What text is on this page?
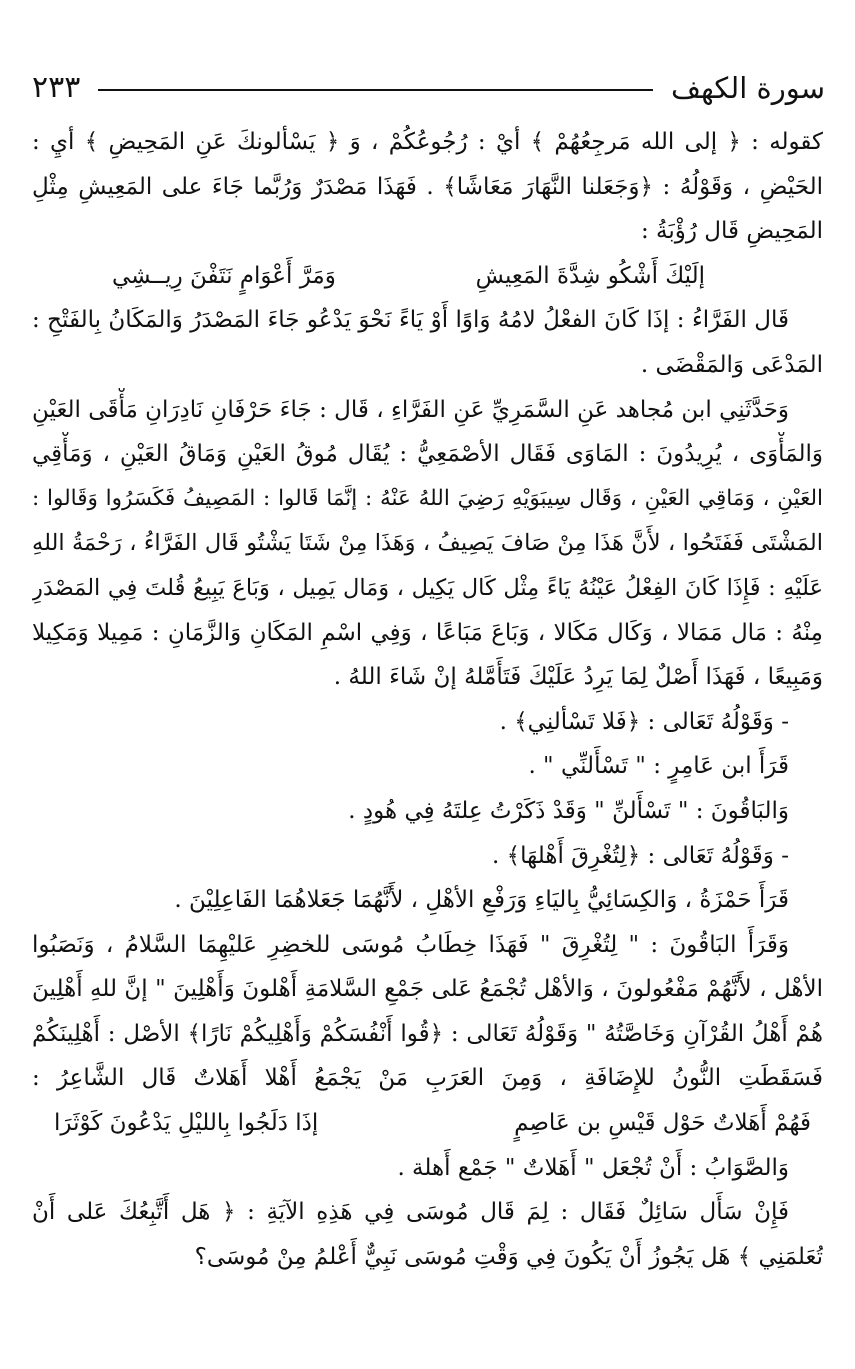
٢٣٣	سورة الكهف
كقوله : ﴿ إلى الله مَرجِعُهُمْ ﴾ أيْ : رُجُوعُكُمْ ، وَ ﴿ يَسْألونكَ عَنِ المَحِيضِ ﴾ أيِ :
الحَيْضِ ، وَقَوْلُهُ : ﴿وَجَعَلنا النَّهَارَ مَعَاشًا﴾ . فَهَذَا مَصْدَرٌ وَرُبَّما جَاءَ على المَعِيشِ مِثْلِ
المَحِيضِ قَال رُؤْبَةُ :
إلَيْكَ أَشْكُو شِدَّةَ المَعِيشِ
وَمَرَّ أَعْوَامٍ نَتَفْنَ رِيــشِي
قَال الفَرَّاءُ : إذَا كَانَ الفعْلُ لامُهُ وَاوًا أَوْ يَاءً نَحْوَ يَدْعُو جَاءَ المَصْدَرُ وَالمَكَانُ بِالفَتْحِ :
المَدْعَى وَالمَقْضَى .
وَحَدَّثَنِي ابن مُجاهد عَنِ السَّمَرِيِّ عَنِ الفَرَّاءِ ، قَال : جَاءَ حَرْفَانِ نَادِرَانِ مَأْقَى العَيْنِ
وَالمَأْوَى ، يُرِيدُونَ : المَاوَى فَقَال الأصْمَعِيُّ : يُقَال مُوقُ العَيْنِ وَمَاقُ العَيْنِ ، وَمَأْقِي
العَيْنِ ، وَمَاقِي العَيْنِ ، وَقَال سِيبَوَيْهِ رَضِيَ اللهُ عَنْهُ : إنَّمَا قَالوا : المَصِيفُ فَكَسَرُوا وَقَالوا :
المَشْتَى فَفَتَحُوا ، لأَنَّ هَذَا مِنْ صَافَ يَصِيفُ ، وَهَذَا مِنْ شَتَا يَشْتُو قَال الفَرَّاءُ ، رَحْمَةُ اللهِ
عَلَيْهِ : فَإِذَا كَانَ الفِعْلُ عَيْنُهُ يَاءً مِثْل كَال يَكِيل ، وَمَال يَمِيل ، وَبَاعَ يَبِيعُ قُلتَ فِي المَصْدَرِ
مِنْهُ : مَال مَمَالا ، وَكَال مَكَالا ، وَبَاعَ مَبَاعًا ، وَفِي اسْمِ المَكَانِ وَالزَّمَانِ : مَمِيلا وَمَكِيلا
وَمَبِيعًا ، فَهَذَا أَصْلٌ لِمَا يَرِدُ عَلَيْكَ فَتَأَمَّلهُ إنْ شَاءَ اللهُ .
- وَقَوْلُهُ تَعَالى : ﴿فَلا تَسْألنِي﴾ .
قَرَأَ ابن عَامِرٍ : " تَسْأَلنِّي " .
وَالبَاقُونَ : " تَسْأَلنِّ " وَقَدْ ذَكَرْتُ عِلتَهُ فِي هُودٍ .
- وَقَوْلُهُ تَعَالى : ﴿لِتُغْرِقَ أَهْلهَا﴾ .
قَرَأَ حَمْزَةُ ، وَالكِسَائِيُّ بِاليَاءِ وَرَفْعِ الأهْلِ ، لأَنَّهُمَا جَعَلاهُمَا الفَاعِلِيْنَ .
وَقَرَأَ البَاقُونَ : " لِتُغْرِقَ " فَهَذَا خِطَابُ مُوسَى للخضِرِ عَليْهِمَا السَّلامُ ، وَنَصَبُوا
الأهْل ، لأَنَّهُمْ مَفْعُولونَ ، وَالأهْل تُجْمَعُ عَلى جَمْعِ السَّلامَةِ أَهْلونَ وَأَهْلِينَ " إنَّ للهِ أَهْلِينَ
هُمْ أَهْلُ القُرْآنِ وَخَاصَّتُهُ " وَقَوْلُهُ تَعَالى : ﴿قُوا أَنْفُسَكُمْ وَأَهْلِيكُمْ نَارًا﴾ الأصْل : أَهْلِينَكُمْ
فَسَقَطَتِ النُّونُ للإِضَافَةِ ، وَمِنَ العَرَبِ مَنْ يَجْمَعُ أَهْلا أَهَلاتٌ قَال الشَّاعِرُ :
فَهُمْ أَهَلاتٌ حَوْل قَيْسِ بن عَاصِمٍ
إذَا دَلَجُوا بِالليْلِ يَدْعُونَ كَوْثَرَا
وَالصَّوَابُ : أَنْ تُجْعَل " أَهَلاتٌ " جَمْع أَهلة .
فَإِنْ سَأَل سَائِلٌ فَقَال : لِمَ قَال مُوسَى فِي هَذِهِ الآيَةِ : ﴿ هَل أَتَّبِعُكَ عَلى أَنْ
تُعَلمَنِي ﴾ هَل يَجُوزُ أَنْ يَكُونَ فِي وَقْتِ مُوسَى نَبِيٌّ أَعْلمُ مِنْ مُوسَى؟
